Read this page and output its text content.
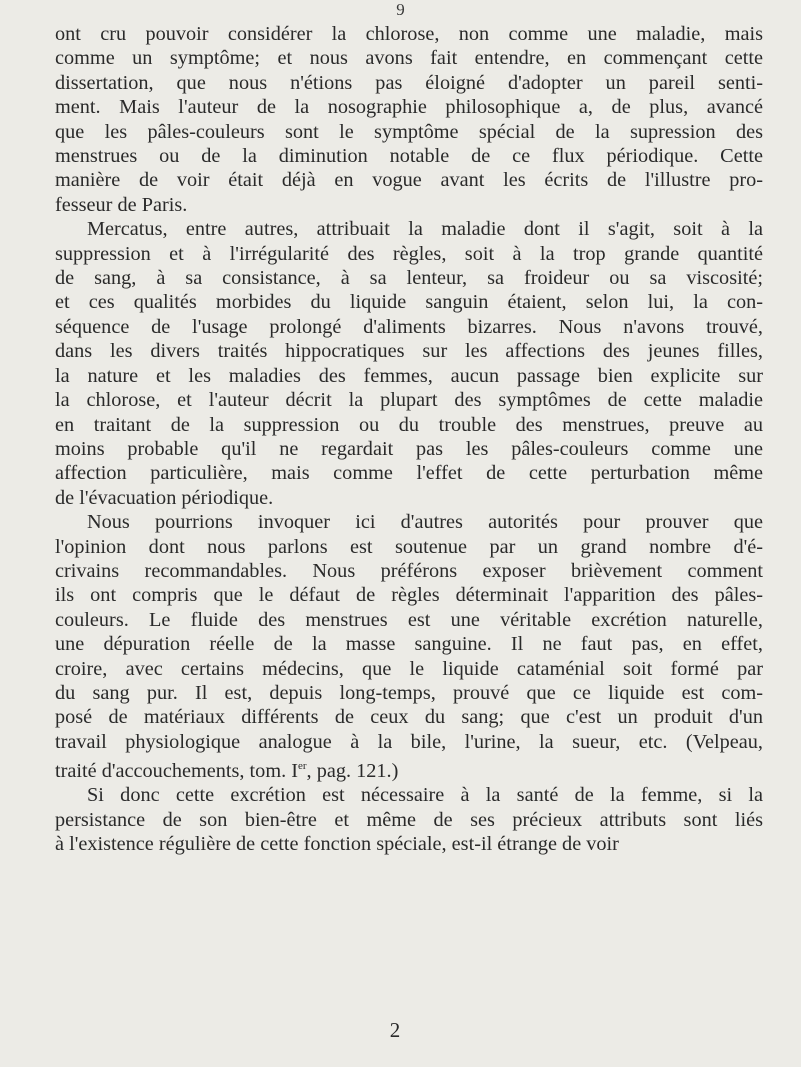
9

ont cru pouvoir considérer la chlorose, non comme une maladie, mais

comme un symptôme; et nous avons fait entendre, en commençant cette

dissertation, que nous n'étions pas éloigné d'adopter un pareil senti-

ment. Mais l'auteur de la nosographie philosophique a, de plus, avancé

que les pâles-couleurs sont le symptôme spécial de la supression des

menstrues ou de la diminution notable de ce flux périodique. Cette

manière de voir était déjà en vogue avant les écrits de l'illustre pro-

fesseur de Paris.

Mercatus, entre autres, attribuait la maladie dont il s'agit, soit à la

suppression et à l'irrégularité des règles, soit à la trop grande quantité

de sang, à sa consistance, à sa lenteur, sa froideur ou sa viscosité;

et ces qualités morbides du liquide sanguin étaient, selon lui, la con-

séquence de l'usage prolongé d'aliments bizarres. Nous n'avons trouvé,

dans les divers traités hippocratiques sur les affections des jeunes filles,

la nature et les maladies des femmes, aucun passage bien explicite sur

la chlorose, et l'auteur décrit la plupart des symptômes de cette maladie

en traitant de la suppression ou du trouble des menstrues, preuve au

moins probable qu'il ne regardait pas les pâles-couleurs comme une

affection particulière, mais comme l'effet de cette perturbation même

de l'évacuation périodique.

Nous pourrions invoquer ici d'autres autorités pour prouver que

l'opinion dont nous parlons est soutenue par un grand nombre d'é-

crivains recommandables. Nous préférons exposer brièvement comment

ils ont compris que le défaut de règles déterminait l'apparition des pâles-

couleurs. Le fluide des menstrues est une véritable excrétion naturelle,

une dépuration réelle de la masse sanguine. Il ne faut pas, en effet,

croire, avec certains médecins, que le liquide cataménial soit formé par

du sang pur. Il est, depuis long-temps, prouvé que ce liquide est com-

posé de matériaux différents de ceux du sang; que c'est un produit d'un

travail physiologique analogue à la bile, l'urine, la sueur, etc. (Velpeau,

traité d'accouchements, tom. Ier, pag. 121.)

Si donc cette excrétion est nécessaire à la santé de la femme, si la

persistance de son bien-être et même de ses précieux attributs sont liés

à l'existence régulière de cette fonction spéciale, est-il étrange de voir

2
